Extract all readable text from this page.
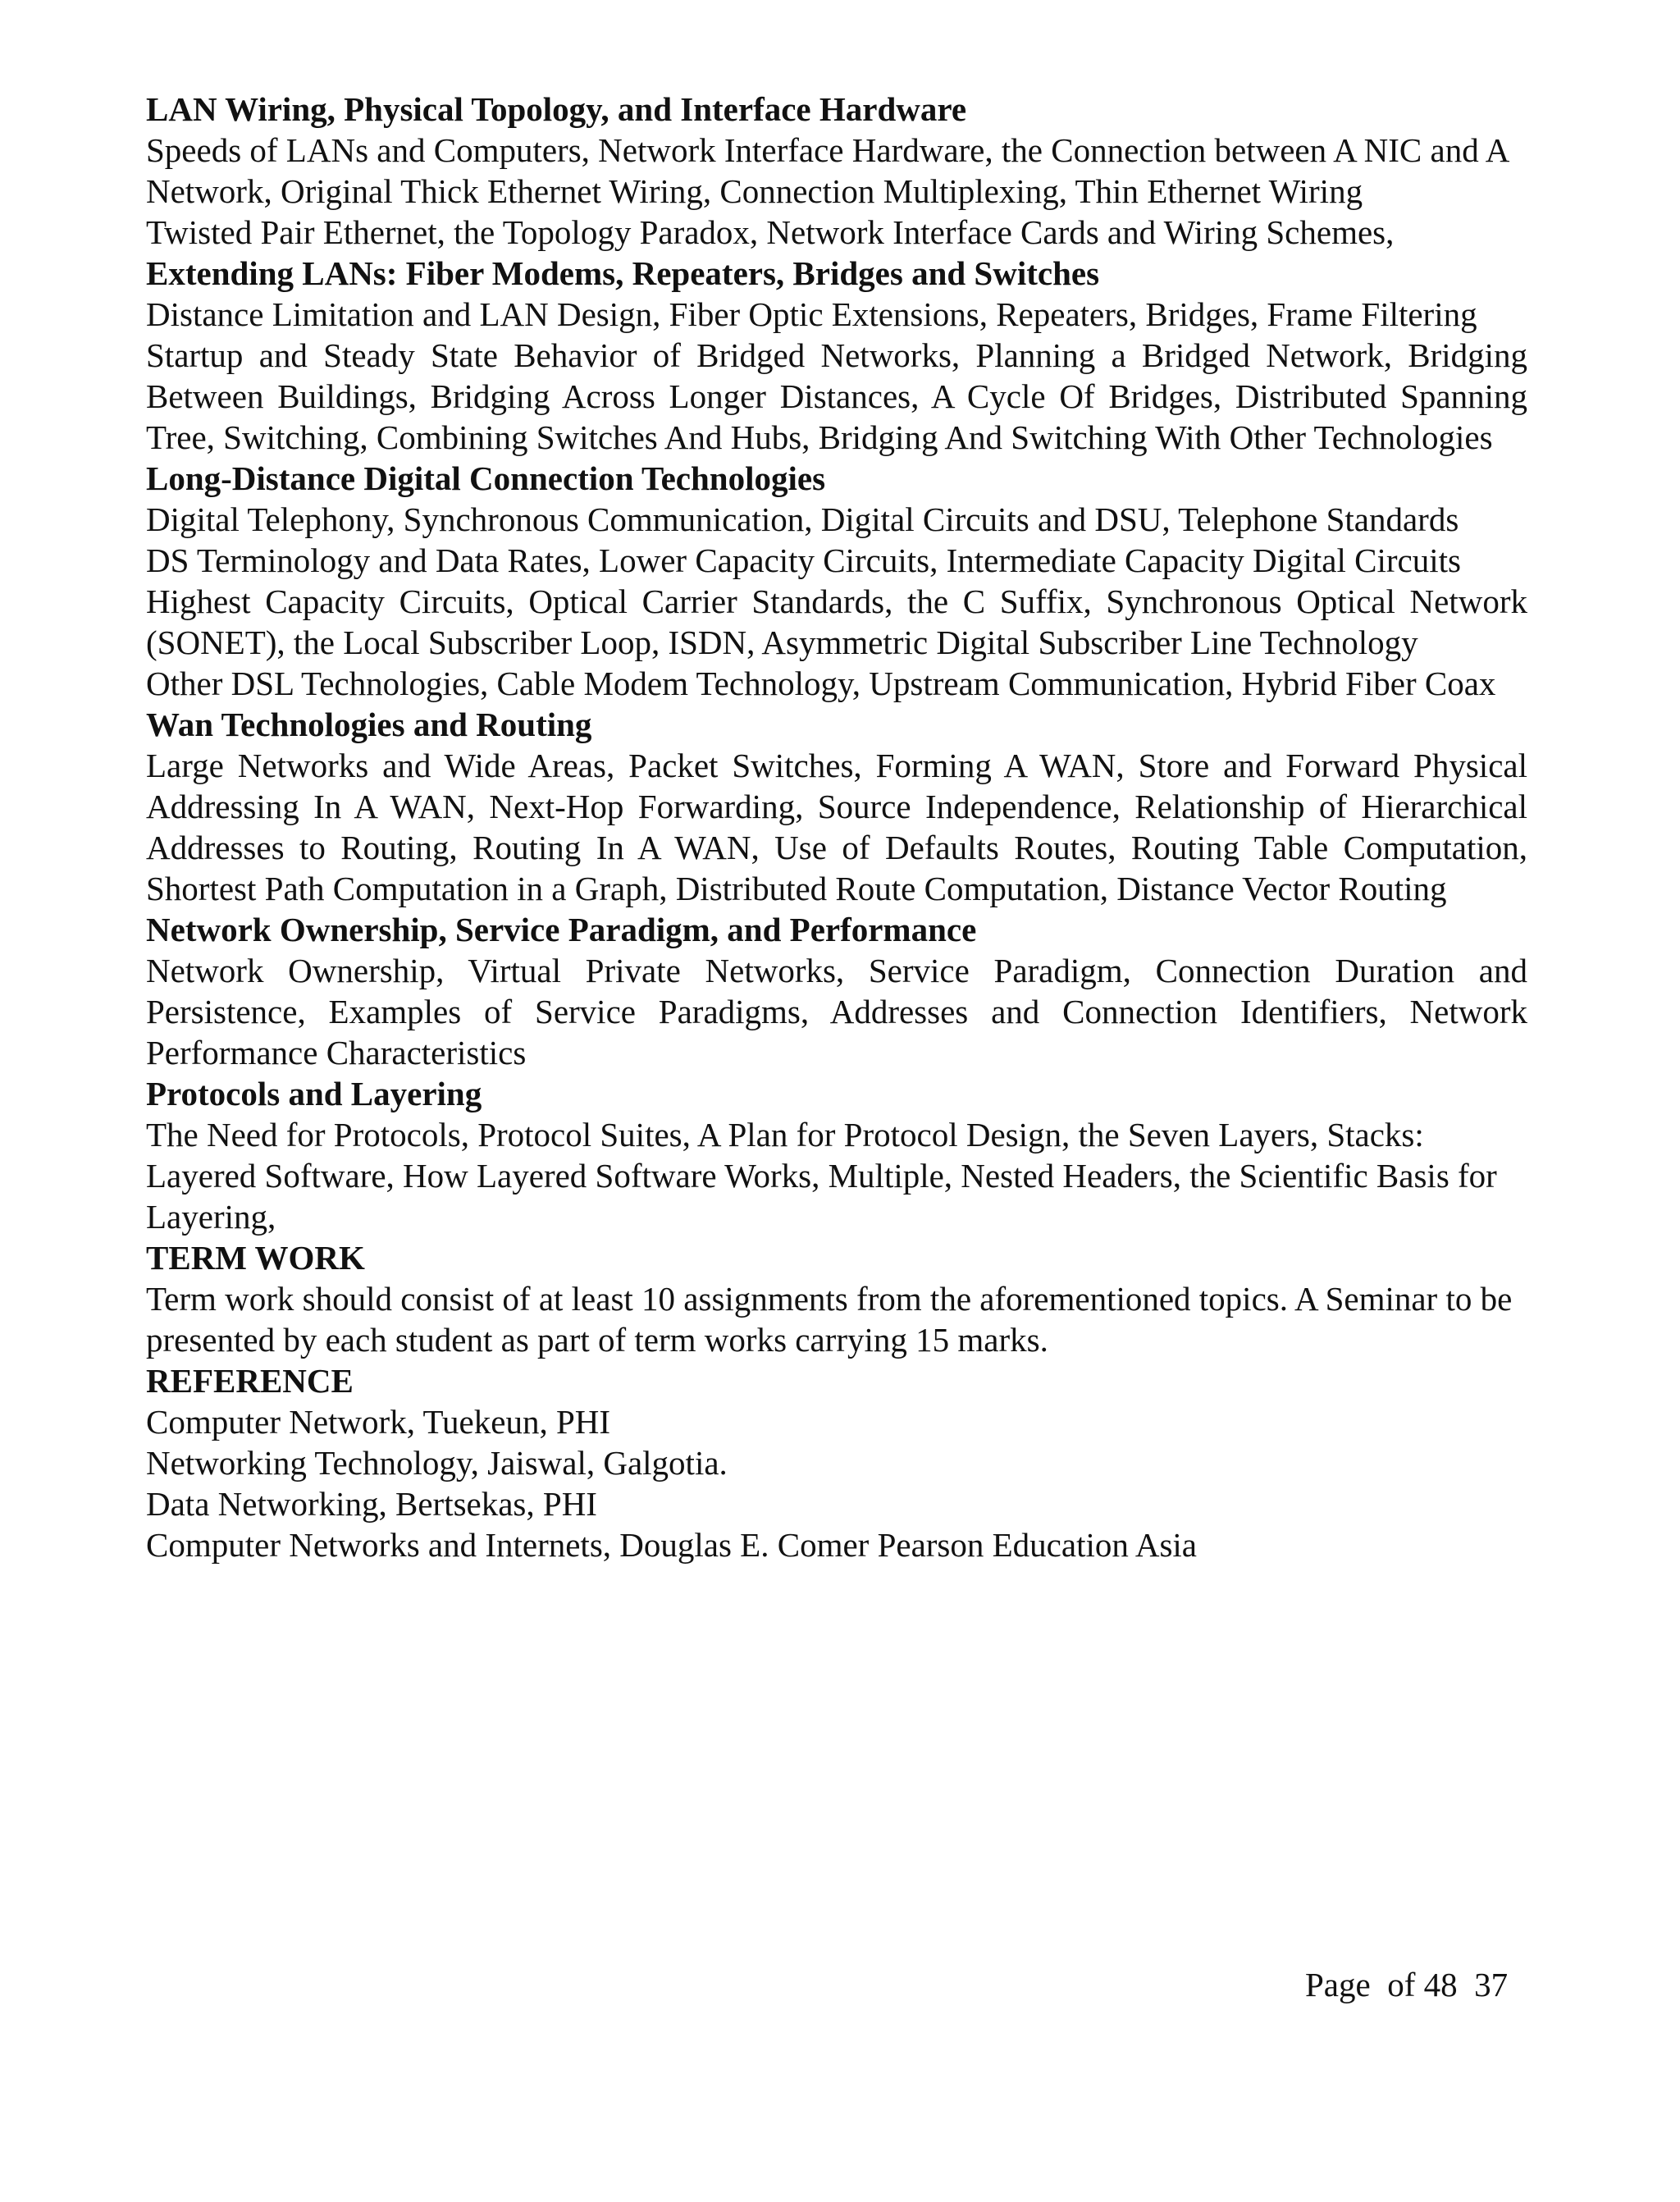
LAN Wiring, Physical Topology, and Interface Hardware

Speeds of LANs and Computers, Network Interface Hardware, the Connection between A NIC and A Network, Original Thick Ethernet Wiring, Connection Multiplexing, Thin Ethernet Wiring

Twisted Pair Ethernet, the Topology Paradox, Network Interface Cards and Wiring Schemes,

Extending LANs: Fiber Modems, Repeaters, Bridges and Switches

Distance Limitation and LAN Design, Fiber Optic Extensions, Repeaters, Bridges, Frame Filtering

Startup and Steady State Behavior of Bridged Networks, Planning a Bridged Network, Bridging Between Buildings, Bridging Across Longer Distances, A Cycle Of Bridges, Distributed Spanning Tree, Switching, Combining Switches And Hubs, Bridging And Switching With Other Technologies

Long-Distance Digital Connection Technologies

Digital Telephony, Synchronous Communication, Digital Circuits and DSU, Telephone Standards

DS Terminology and Data Rates, Lower Capacity Circuits, Intermediate Capacity Digital Circuits

Highest Capacity Circuits, Optical Carrier Standards, the C Suffix, Synchronous Optical Network (SONET), the Local Subscriber Loop, ISDN, Asymmetric Digital Subscriber Line Technology

Other DSL Technologies, Cable Modem Technology, Upstream Communication, Hybrid Fiber Coax

Wan Technologies and Routing

Large Networks and Wide Areas, Packet Switches, Forming A WAN, Store and Forward Physical Addressing In A WAN, Next-Hop Forwarding, Source Independence, Relationship of Hierarchical Addresses to Routing, Routing In A WAN, Use of Defaults Routes, Routing Table Computation, Shortest Path Computation in a Graph, Distributed Route Computation, Distance Vector Routing

Network Ownership, Service Paradigm, and Performance

Network Ownership, Virtual Private Networks, Service Paradigm, Connection Duration and Persistence, Examples of Service Paradigms, Addresses and Connection Identifiers, Network Performance Characteristics

Protocols and Layering

The Need for Protocols, Protocol Suites, A Plan for Protocol Design, the Seven Layers, Stacks: Layered Software, How Layered Software Works, Multiple, Nested Headers, the Scientific Basis for Layering,

TERM WORK

Term work should consist of at least 10 assignments from the aforementioned topics. A Seminar to be presented by each student as part of term works carrying 15 marks.

REFERENCE

Computer Network, Tuekeun, PHI

Networking Technology, Jaiswal, Galgotia.

Data Networking, Bertsekas, PHI

Computer Networks and Internets, Douglas E. Comer Pearson Education Asia

Page  of 48  37
